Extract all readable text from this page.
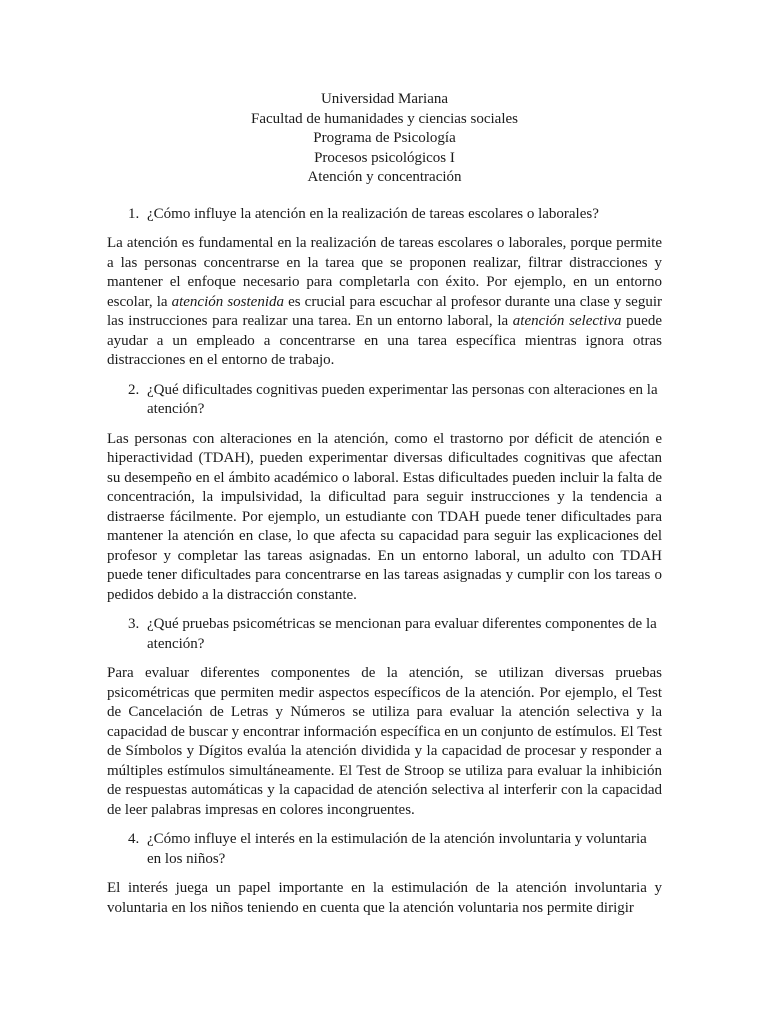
Universidad Mariana
Facultad de humanidades y ciencias sociales
Programa de Psicología
Procesos psicológicos I
Atención y concentración
1. ¿Cómo influye la atención en la realización de tareas escolares o laborales?

La atención es fundamental en la realización de tareas escolares o laborales, porque permite a las personas concentrarse en la tarea que se proponen realizar, filtrar distracciones y mantener el enfoque necesario para completarla con éxito. Por ejemplo, en un entorno escolar, la atención sostenida es crucial para escuchar al profesor durante una clase y seguir las instrucciones para realizar una tarea. En un entorno laboral, la atención selectiva puede ayudar a un empleado a concentrarse en una tarea específica mientras ignora otras distracciones en el entorno de trabajo.

2. ¿Qué dificultades cognitivas pueden experimentar las personas con alteraciones en la atención?

Las personas con alteraciones en la atención, como el trastorno por déficit de atención e hiperactividad (TDAH), pueden experimentar diversas dificultades cognitivas que afectan su desempeño en el ámbito académico o laboral. Estas dificultades pueden incluir la falta de concentración, la impulsividad, la dificultad para seguir instrucciones y la tendencia a distraerse fácilmente. Por ejemplo, un estudiante con TDAH puede tener dificultades para mantener la atención en clase, lo que afecta su capacidad para seguir las explicaciones del profesor y completar las tareas asignadas. En un entorno laboral, un adulto con TDAH puede tener dificultades para concentrarse en las tareas asignadas y cumplir con los tareas o pedidos debido a la distracción constante.

3. ¿Qué pruebas psicométricas se mencionan para evaluar diferentes componentes de la atención?

Para evaluar diferentes componentes de la atención, se utilizan diversas pruebas psicométricas que permiten medir aspectos específicos de la atención. Por ejemplo, el Test de Cancelación de Letras y Números se utiliza para evaluar la atención selectiva y la capacidad de buscar y encontrar información específica en un conjunto de estímulos. El Test de Símbolos y Dígitos evalúa la atención dividida y la capacidad de procesar y responder a múltiples estímulos simultáneamente. El Test de Stroop se utiliza para evaluar la inhibición de respuestas automáticas y la capacidad de atención selectiva al interferir con la capacidad de leer palabras impresas en colores incongruentes.

4. ¿Cómo influye el interés en la estimulación de la atención involuntaria y voluntaria en los niños?

El interés juega un papel importante en la estimulación de la atención involuntaria y voluntaria en los niños teniendo en cuenta que la atención voluntaria nos permite dirigir
